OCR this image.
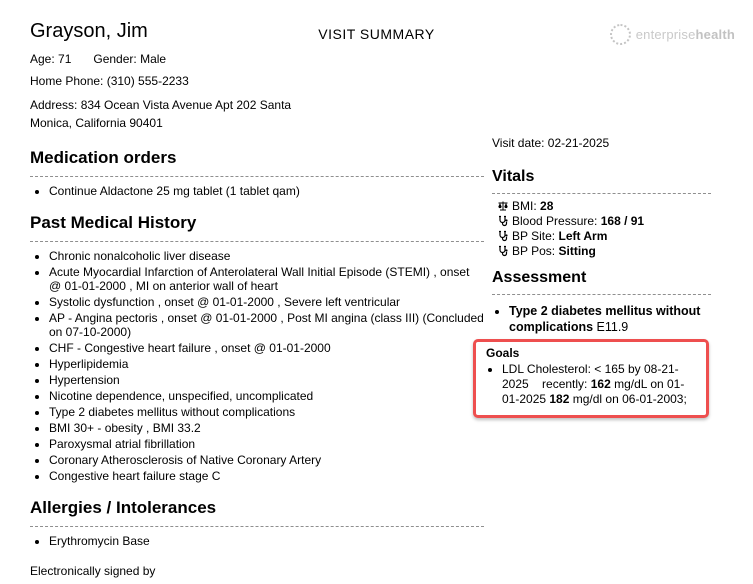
Grayson, Jim
Age: 71 Gender: Male
Home Phone: (310) 555-2233
Address: 834 Ocean Vista Avenue Apt 202 Santa Monica, California 90401
VISIT SUMMARY	enterprisehealth
Medication orders
• Continue Aldactone 25 mg tablet (1 tablet qam)
Past Medical History
• Chronic nonalcoholic liver disease
• Acute Myocardial Infarction of Anterolateral Wall Initial Episode (STEMI) , onset @ 01-01-2000 , MI on anterior wall of heart
• Systolic dysfunction , onset @ 01-01-2000 , Severe left ventricular
• AP - Angina pectoris , onset @ 01-01-2000 , Post MI angina (class III) (Concluded on 07-10-2000)
• CHF - Congestive heart failure , onset @ 01-01-2000
• Hyperlipidemia
• Hypertension
• Nicotine dependence, unspecified, uncomplicated
• Type 2 diabetes mellitus without complications
• BMI 30+ - obesity , BMI 33.2
• Paroxysmal atrial fibrillation
• Coronary Atherosclerosis of Native Coronary Artery
• Congestive heart failure stage C
Allergies / Intolerances
• Erythromycin Base

Electronically signed by

Visit date: 02-21-2025

Vitals
BMI: 28
Blood Pressure: 168 / 91
BP Site: Left Arm
BP Pos: Sitting
Assessment
• Type 2 diabetes mellitus without complications E11.9
Goals
• LDL Cholesterol: < 165 by 08-21-2025    recently: 162 mg/dL on 01-01-2025 182 mg/dl on 06-01-2003;
